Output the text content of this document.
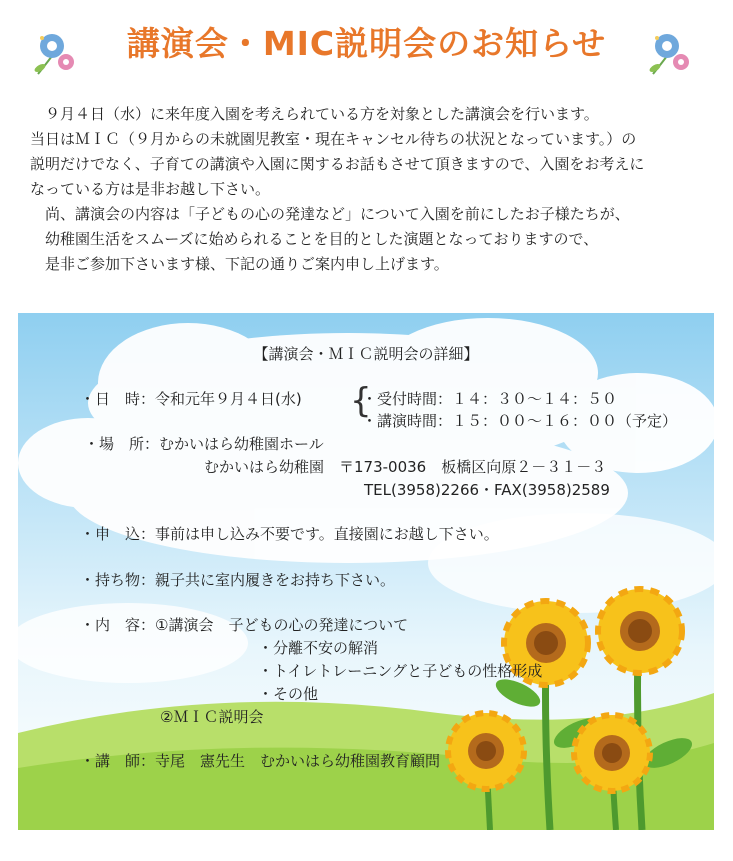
講演会・MIC説明会のお知らせ

９月４日（水）に来年度入園を考えられている方を対象とした講演会を行います。

当日はＭＩＣ（９月からの未就園児教室・現在キャンセル待ちの状況となっています。）の

説明だけでなく、子育ての講演や入園に関するお話もさせて頂きますので、入園をお考えに

なっている方は是非お越し下さい。

尚、講演会の内容は「子どもの心の発達など」について入園を前にしたお子様たちが、

幼稚園生活をスムーズに始められることを目的とした演題となっておりますので、

是非ご参加下さいます様、下記の通りご案内申し上げます。

【講演会・ＭＩＣ説明会の詳細】
・日　時：令和元年９月４日(水) {
・受付時間：１４：３０～１４：５０
・講演時間：１５：００～１６：００（予定）
・場　所：むかいはら幼稚園ホール
むかいはら幼稚園　〒173-0036　板橋区向原２－３１－３
TEL(3958)2266・FAX(3958)2589
・申　込：事前は申し込み不要です。直接園にお越し下さい。
・持ち物：親子共に室内履きをお持ち下さい。
・内　容：①講演会　子どもの心の発達について
・分離不安の解消
・トイレトレーニングと子どもの性格形成
・その他
②ＭＩＣ説明会
・講　師：寺尾　憲先生　むかいはら幼稚園教育顧問
